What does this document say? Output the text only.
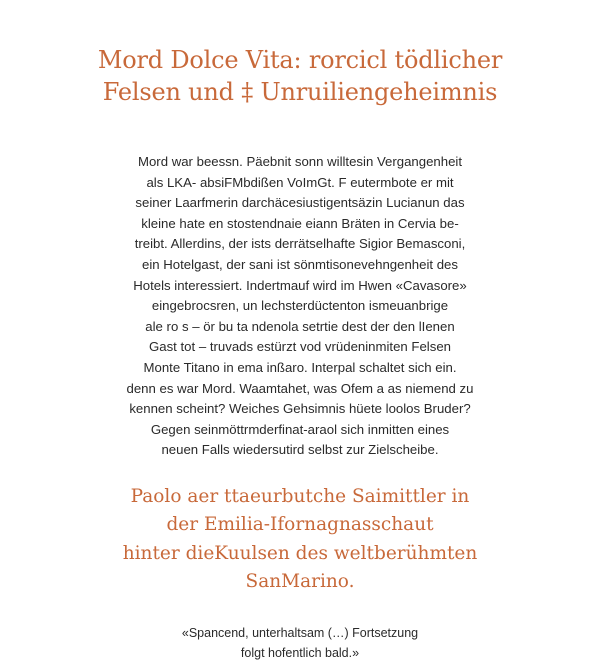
Mord Dolce Vita: rorcicl tödlicher
Felsen und ‡ Unruiliengeheimnis
Mord war beessn. Päebnit sonn willtesin Vergangenheit
als LKA- absiFMbdißen VoImGt. F eutermbote er mit
seiner Laarfmerin darchäcesiustigentsäzin Lucianun das
kleine hate en stostendnaie eiann Bräten in Cervia be-
treibt. Allerdins, der ists derrätselhafte Sigior Bemasconi,
ein Hotelgast, der sani ist sönmtisonevehngenheit des
Hotels interessiert. Indertmauf wird im Hwen «Cavasore»
eingebrocsren, un lechsterdüctenton ismeuanbrige
ale ro s – ör bu ta ndenola setrtie dest der den lIenen
Gast tot – truvads estürzt vod vrüdeninmiten Felsen
Monte Titano in ema inßaro. Interpal schaltet sich ein.
denn es war Mord. Waamtahet, was Ofem a as niemend zu
kennen scheint? Weiches Gehsimnis hüete loolos Bruder?
Gegen seinmöttrmderfinat-araol sich inmitten eines
neuen Falls wiedersutird selbst zur Zielscheibe.
Paolo aer ttaeurbutche Saimittler in
der Emilia-Ifornagnasschaut
hinter dieKuulsen des weltberühmten
SanMarino.
«Spancend, unterhaltsam (…) Fortsetzung
folgt hofentlich bald.»
